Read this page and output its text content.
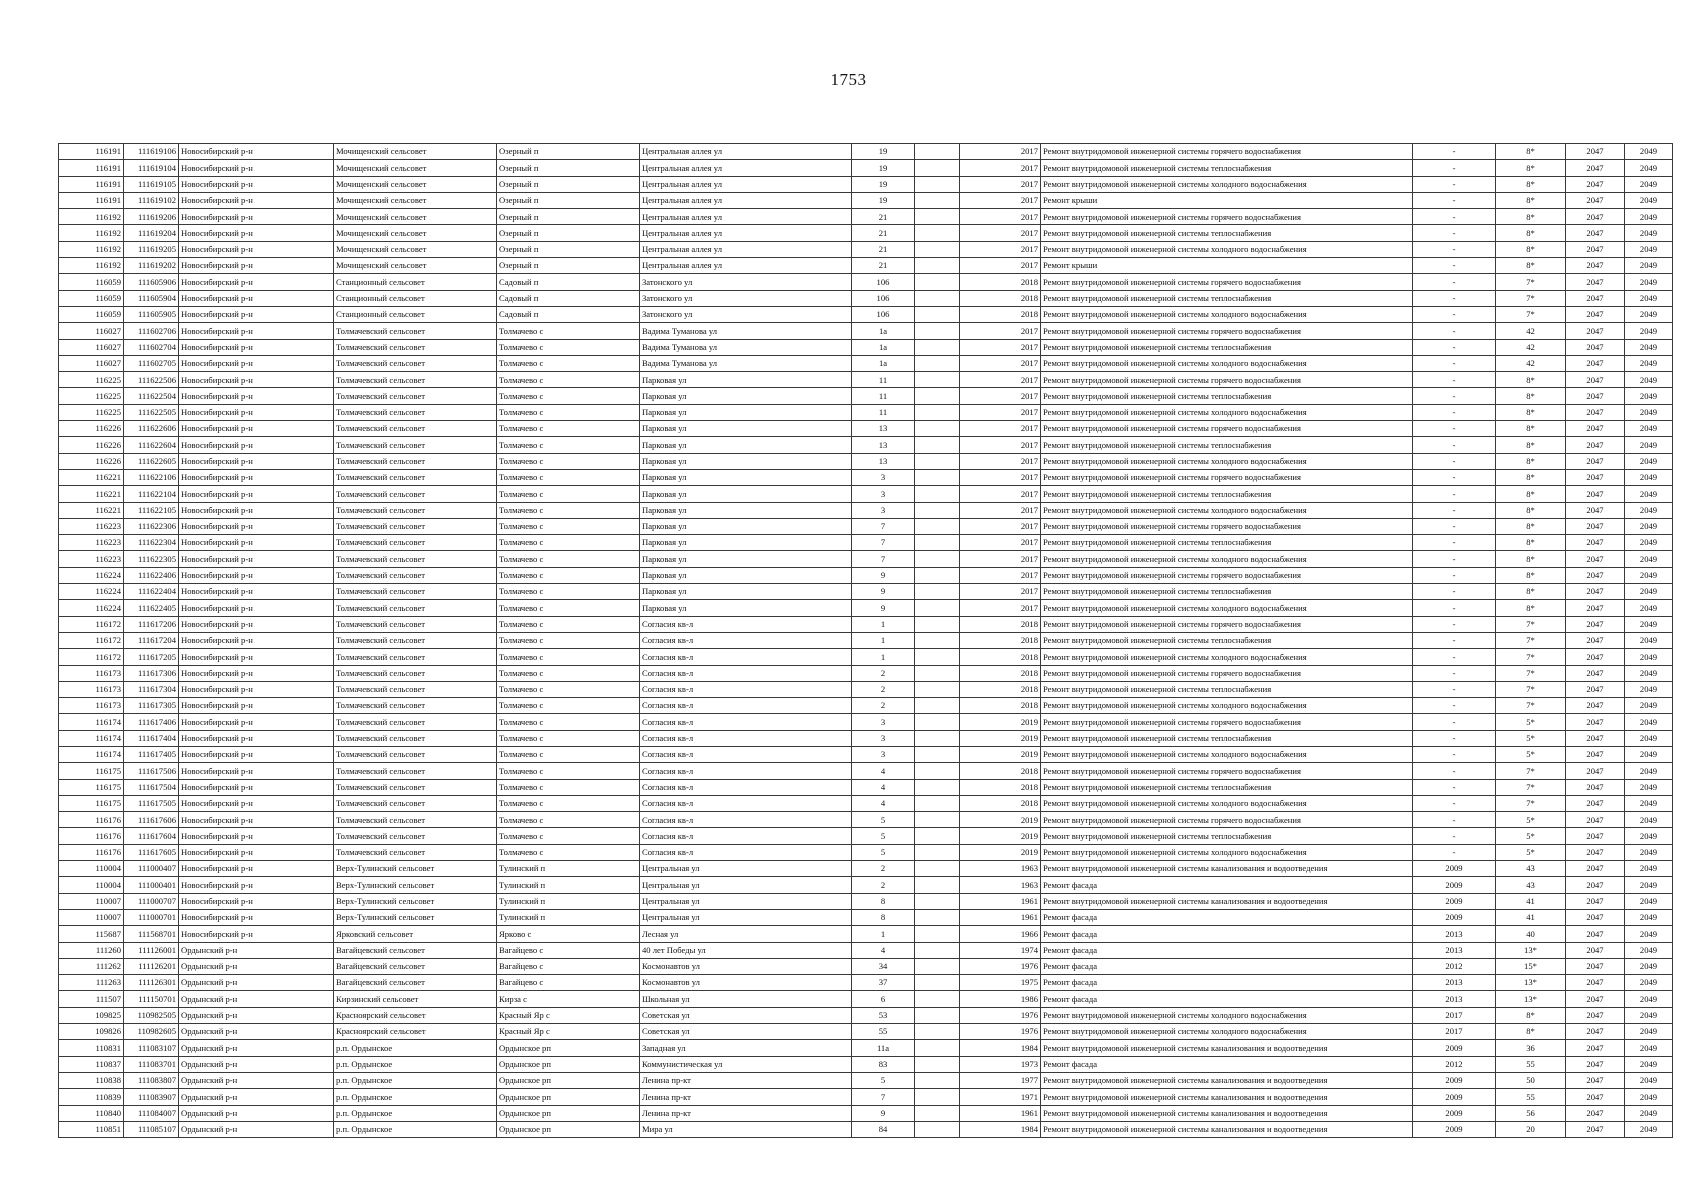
1753
116191	111619106	Новосибирский р-н	Мочищенский сельсовет	Озерный п	Центральная аллея ул	19		2017	Ремонт внутридомовой инженерной системы горячего водоснабжения	-	8*	2047	2049
116191	111619104	Новосибирский р-н	Мочищенский сельсовет	Озерный п	Центральная аллея ул	19		2017	Ремонт внутридомовой инженерной системы теплоснабжения	-	8*	2047	2049
116191	111619105	Новосибирский р-н	Мочищенский сельсовет	Озерный п	Центральная аллея ул	19		2017	Ремонт внутридомовой инженерной системы холодного водоснабжения	-	8*	2047	2049
116191	111619102	Новосибирский р-н	Мочищенский сельсовет	Озерный п	Центральная аллея ул	19		2017	Ремонт крыши	-	8*	2047	2049
116192	111619206	Новосибирский р-н	Мочищенский сельсовет	Озерный п	Центральная аллея ул	21		2017	Ремонт внутридомовой инженерной системы горячего водоснабжения	-	8*	2047	2049
116192	111619204	Новосибирский р-н	Мочищенский сельсовет	Озерный п	Центральная аллея ул	21		2017	Ремонт внутридомовой инженерной системы теплоснабжения	-	8*	2047	2049
116192	111619205	Новосибирский р-н	Мочищенский сельсовет	Озерный п	Центральная аллея ул	21		2017	Ремонт внутридомовой инженерной системы холодного водоснабжения	-	8*	2047	2049
116192	111619202	Новосибирский р-н	Мочищенский сельсовет	Озерный п	Центральная аллея ул	21		2017	Ремонт крыши	-	8*	2047	2049
116059	111605906	Новосибирский р-н	Станционный сельсовет	Садовый п	Затонского ул	106		2018	Ремонт внутридомовой инженерной системы горячего водоснабжения	-	7*	2047	2049
116059	111605904	Новосибирский р-н	Станционный сельсовет	Садовый п	Затонского ул	106		2018	Ремонт внутридомовой инженерной системы теплоснабжения	-	7*	2047	2049
116059	111605905	Новосибирский р-н	Станционный сельсовет	Садовый п	Затонского ул	106		2018	Ремонт внутридомовой инженерной системы холодного водоснабжения	-	7*	2047	2049
116027	111602706	Новосибирский р-н	Толмачевский сельсовет	Толмачево с	Вадима Туманова ул	1а		2017	Ремонт внутридомовой инженерной системы горячего водоснабжения	-	42	2047	2049
116027	111602704	Новосибирский р-н	Толмачевский сельсовет	Толмачево с	Вадима Туманова ул	1а		2017	Ремонт внутридомовой инженерной системы теплоснабжения	-	42	2047	2049
116027	111602705	Новосибирский р-н	Толмачевский сельсовет	Толмачево с	Вадима Туманова ул	1а		2017	Ремонт внутридомовой инженерной системы холодного водоснабжения	-	42	2047	2049
116225	111622506	Новосибирский р-н	Толмачевский сельсовет	Толмачево с	Парковая ул	11		2017	Ремонт внутридомовой инженерной системы горячего водоснабжения	-	8*	2047	2049
116225	111622504	Новосибирский р-н	Толмачевский сельсовет	Толмачево с	Парковая ул	11		2017	Ремонт внутридомовой инженерной системы теплоснабжения	-	8*	2047	2049
116225	111622505	Новосибирский р-н	Толмачевский сельсовет	Толмачево с	Парковая ул	11		2017	Ремонт внутридомовой инженерной системы холодного водоснабжения	-	8*	2047	2049
116226	111622606	Новосибирский р-н	Толмачевский сельсовет	Толмачево с	Парковая ул	13		2017	Ремонт внутридомовой инженерной системы горячего водоснабжения	-	8*	2047	2049
116226	111622604	Новосибирский р-н	Толмачевский сельсовет	Толмачево с	Парковая ул	13		2017	Ремонт внутридомовой инженерной системы теплоснабжения	-	8*	2047	2049
116226	111622605	Новосибирский р-н	Толмачевский сельсовет	Толмачево с	Парковая ул	13		2017	Ремонт внутридомовой инженерной системы холодного водоснабжения	-	8*	2047	2049
116221	111622106	Новосибирский р-н	Толмачевский сельсовет	Толмачево с	Парковая ул	3		2017	Ремонт внутридомовой инженерной системы горячего водоснабжения	-	8*	2047	2049
116221	111622104	Новосибирский р-н	Толмачевский сельсовет	Толмачево с	Парковая ул	3		2017	Ремонт внутридомовой инженерной системы теплоснабжения	-	8*	2047	2049
116221	111622105	Новосибирский р-н	Толмачевский сельсовет	Толмачево с	Парковая ул	3		2017	Ремонт внутридомовой инженерной системы холодного водоснабжения	-	8*	2047	2049
116223	111622306	Новосибирский р-н	Толмачевский сельсовет	Толмачево с	Парковая ул	7		2017	Ремонт внутридомовой инженерной системы горячего водоснабжения	-	8*	2047	2049
116223	111622304	Новосибирский р-н	Толмачевский сельсовет	Толмачево с	Парковая ул	7		2017	Ремонт внутридомовой инженерной системы теплоснабжения	-	8*	2047	2049
116223	111622305	Новосибирский р-н	Толмачевский сельсовет	Толмачево с	Парковая ул	7		2017	Ремонт внутридомовой инженерной системы холодного водоснабжения	-	8*	2047	2049
116224	111622406	Новосибирский р-н	Толмачевский сельсовет	Толмачево с	Парковая ул	9		2017	Ремонт внутридомовой инженерной системы горячего водоснабжения	-	8*	2047	2049
116224	111622404	Новосибирский р-н	Толмачевский сельсовет	Толмачево с	Парковая ул	9		2017	Ремонт внутридомовой инженерной системы теплоснабжения	-	8*	2047	2049
116224	111622405	Новосибирский р-н	Толмачевский сельсовет	Толмачево с	Парковая ул	9		2017	Ремонт внутридомовой инженерной системы холодного водоснабжения	-	8*	2047	2049
116172	111617206	Новосибирский р-н	Толмачевский сельсовет	Толмачево с	Согласия кв-л	1		2018	Ремонт внутридомовой инженерной системы горячего водоснабжения	-	7*	2047	2049
116172	111617204	Новосибирский р-н	Толмачевский сельсовет	Толмачево с	Согласия кв-л	1		2018	Ремонт внутридомовой инженерной системы теплоснабжения	-	7*	2047	2049
116172	111617205	Новосибирский р-н	Толмачевский сельсовет	Толмачево с	Согласия кв-л	1		2018	Ремонт внутридомовой инженерной системы холодного водоснабжения	-	7*	2047	2049
116173	111617306	Новосибирский р-н	Толмачевский сельсовет	Толмачево с	Согласия кв-л	2		2018	Ремонт внутридомовой инженерной системы горячего водоснабжения	-	7*	2047	2049
116173	111617304	Новосибирский р-н	Толмачевский сельсовет	Толмачево с	Согласия кв-л	2		2018	Ремонт внутридомовой инженерной системы теплоснабжения	-	7*	2047	2049
116173	111617305	Новосибирский р-н	Толмачевский сельсовет	Толмачево с	Согласия кв-л	2		2018	Ремонт внутридомовой инженерной системы холодного водоснабжения	-	7*	2047	2049
116174	111617406	Новосибирский р-н	Толмачевский сельсовет	Толмачево с	Согласия кв-л	3		2019	Ремонт внутридомовой инженерной системы горячего водоснабжения	-	5*	2047	2049
116174	111617404	Новосибирский р-н	Толмачевский сельсовет	Толмачево с	Согласия кв-л	3		2019	Ремонт внутридомовой инженерной системы теплоснабжения	-	5*	2047	2049
116174	111617405	Новосибирский р-н	Толмачевский сельсовет	Толмачево с	Согласия кв-л	3		2019	Ремонт внутридомовой инженерной системы холодного водоснабжения	-	5*	2047	2049
116175	111617506	Новосибирский р-н	Толмачевский сельсовет	Толмачево с	Согласия кв-л	4		2018	Ремонт внутридомовой инженерной системы горячего водоснабжения	-	7*	2047	2049
116175	111617504	Новосибирский р-н	Толмачевский сельсовет	Толмачево с	Согласия кв-л	4		2018	Ремонт внутридомовой инженерной системы теплоснабжения	-	7*	2047	2049
116175	111617505	Новосибирский р-н	Толмачевский сельсовет	Толмачево с	Согласия кв-л	4		2018	Ремонт внутридомовой инженерной системы холодного водоснабжения	-	7*	2047	2049
116176	111617606	Новосибирский р-н	Толмачевский сельсовет	Толмачево с	Согласия кв-л	5		2019	Ремонт внутридомовой инженерной системы горячего водоснабжения	-	5*	2047	2049
116176	111617604	Новосибирский р-н	Толмачевский сельсовет	Толмачево с	Согласия кв-л	5		2019	Ремонт внутридомовой инженерной системы теплоснабжения	-	5*	2047	2049
116176	111617605	Новосибирский р-н	Толмачевский сельсовет	Толмачево с	Согласия кв-л	5		2019	Ремонт внутридомовой инженерной системы холодного водоснабжения	-	5*	2047	2049
110004	111000407	Новосибирский р-н	Верх-Тулинский сельсовет	Тулинский п	Центральная ул	2		1963	Ремонт внутридомовой инженерной системы канализования и водоотведения	2009	43	2047	2049
110004	111000401	Новосибирский р-н	Верх-Тулинский сельсовет	Тулинский п	Центральная ул	2		1963	Ремонт фасада	2009	43	2047	2049
110007	111000707	Новосибирский р-н	Верх-Тулинский сельсовет	Тулинский п	Центральная ул	8		1961	Ремонт внутридомовой инженерной системы канализования и водоотведения	2009	41	2047	2049
110007	111000701	Новосибирский р-н	Верх-Тулинский сельсовет	Тулинский п	Центральная ул	8		1961	Ремонт фасада	2009	41	2047	2049
115687	111568701	Новосибирский р-н	Ярковский сельсовет	Ярково с	Лесная ул	1		1966	Ремонт фасада	2013	40	2047	2049
111260	111126001	Ордынский р-н	Вагайцевский сельсовет	Вагайцево с	40 лет Победы ул	4		1974	Ремонт фасада	2013	13*	2047	2049
111262	111126201	Ордынский р-н	Вагайцевский сельсовет	Вагайцево с	Космонавтов ул	34		1976	Ремонт фасада	2012	15*	2047	2049
111263	111126301	Ордынский р-н	Вагайцевский сельсовет	Вагайцево с	Космонавтов ул	37		1975	Ремонт фасада	2013	13*	2047	2049
111507	111150701	Ордынский р-н	Кирзинский сельсовет	Кирза с	Школьная ул	6		1986	Ремонт фасада	2013	13*	2047	2049
109825	110982505	Ордынский р-н	Красноярский сельсовет	Красный Яр с	Советская ул	53		1976	Ремонт внутридомовой инженерной системы холодного водоснабжения	2017	8*	2047	2049
109826	110982605	Ордынский р-н	Красноярский сельсовет	Красный Яр с	Советская ул	55		1976	Ремонт внутридомовой инженерной системы холодного водоснабжения	2017	8*	2047	2049
110831	111083107	Ордынский р-н	р.п. Ордынское	Ордынское рп	Западная ул	11а		1984	Ремонт внутридомовой инженерной системы канализования и водоотведения	2009	36	2047	2049
110837	111083701	Ордынский р-н	р.п. Ордынское	Ордынское рп	Коммунистическая ул	83		1973	Ремонт фасада	2012	55	2047	2049
110838	111083807	Ордынский р-н	р.п. Ордынское	Ордынское рп	Ленина пр-кт	5		1977	Ремонт внутридомовой инженерной системы канализования и водоотведения	2009	50	2047	2049
110839	111083907	Ордынский р-н	р.п. Ордынское	Ордынское рп	Ленина пр-кт	7		1971	Ремонт внутридомовой инженерной системы канализования и водоотведения	2009	55	2047	2049
110840	111084007	Ордынский р-н	р.п. Ордынское	Ордынское рп	Ленина пр-кт	9		1961	Ремонт внутридомовой инженерной системы канализования и водоотведения	2009	56	2047	2049
110851	111085107	Ордынский р-н	р.п. Ордынское	Ордынское рп	Мира ул	84		1984	Ремонт внутридомовой инженерной системы канализования и водоотведения	2009	20	2047	2049
